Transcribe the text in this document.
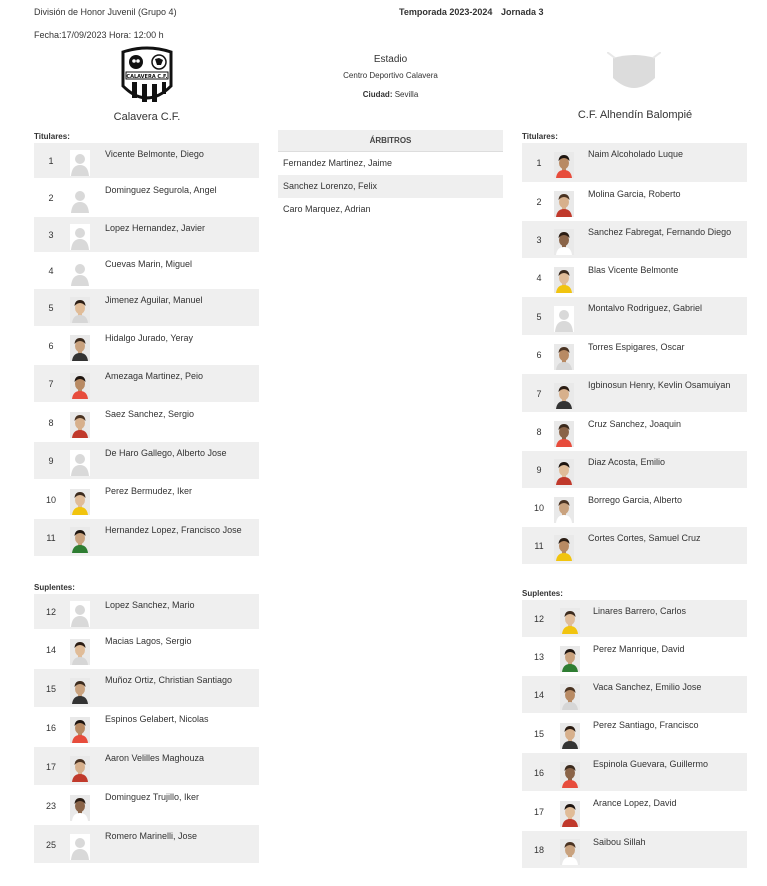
División de Honor Juvenil (Grupo 4)	Temporada 2023-2024 Jornada 3
Fecha:17/09/2023 Hora: 12:00 h
CALAVERA C.F.
Calavera C.F.	C.F. Alhendín Balompié
Estadio
Centro Deportivo Calavera
Ciudad: Sevilla
ÁRBITROS
Fernandez Martinez, Jaime
Sanchez Lorenzo, Felix
Caro Marquez, Adrian
Titulares:
Suplentes:
Titulares:
Suplentes:
1
Vicente Belmonte, Diego
2
Dominguez Segurola, Angel
3
Lopez Hernandez, Javier
4
Cuevas Marin, Miguel
5
Jimenez Aguilar, Manuel
6
Hidalgo Jurado, Yeray
7
Amezaga Martinez, Peio
8
Saez Sanchez, Sergio
9
De Haro Gallego, Alberto Jose
10
Perez Bermudez, Iker
11
Hernandez Lopez, Francisco Jose
12
Lopez Sanchez, Mario
14
Macias Lagos, Sergio
15
Muñoz Ortiz, Christian Santiago
16
Espinos Gelabert, Nicolas
17
Aaron Velilles Maghouza
23
Dominguez Trujillo, Iker
25
Romero Marinelli, Jose
1
Naim Alcoholado Luque
2
Molina Garcia, Roberto
3
Sanchez Fabregat, Fernando Diego
4
Blas Vicente Belmonte
5
Montalvo Rodriguez, Gabriel
6
Torres Espigares, Oscar
7
Igbinosun Henry, Kevlin Osamuiyan
8
Cruz Sanchez, Joaquin
9
Diaz Acosta, Emilio
10
Borrego Garcia, Alberto
11
Cortes Cortes, Samuel Cruz
12
Linares Barrero, Carlos
13
Perez Manrique, David
14
Vaca Sanchez, Emilio Jose
15
Perez Santiago, Francisco
16
Espinola Guevara, Guillermo
17
Arance Lopez, David
18
Saibou Sillah
